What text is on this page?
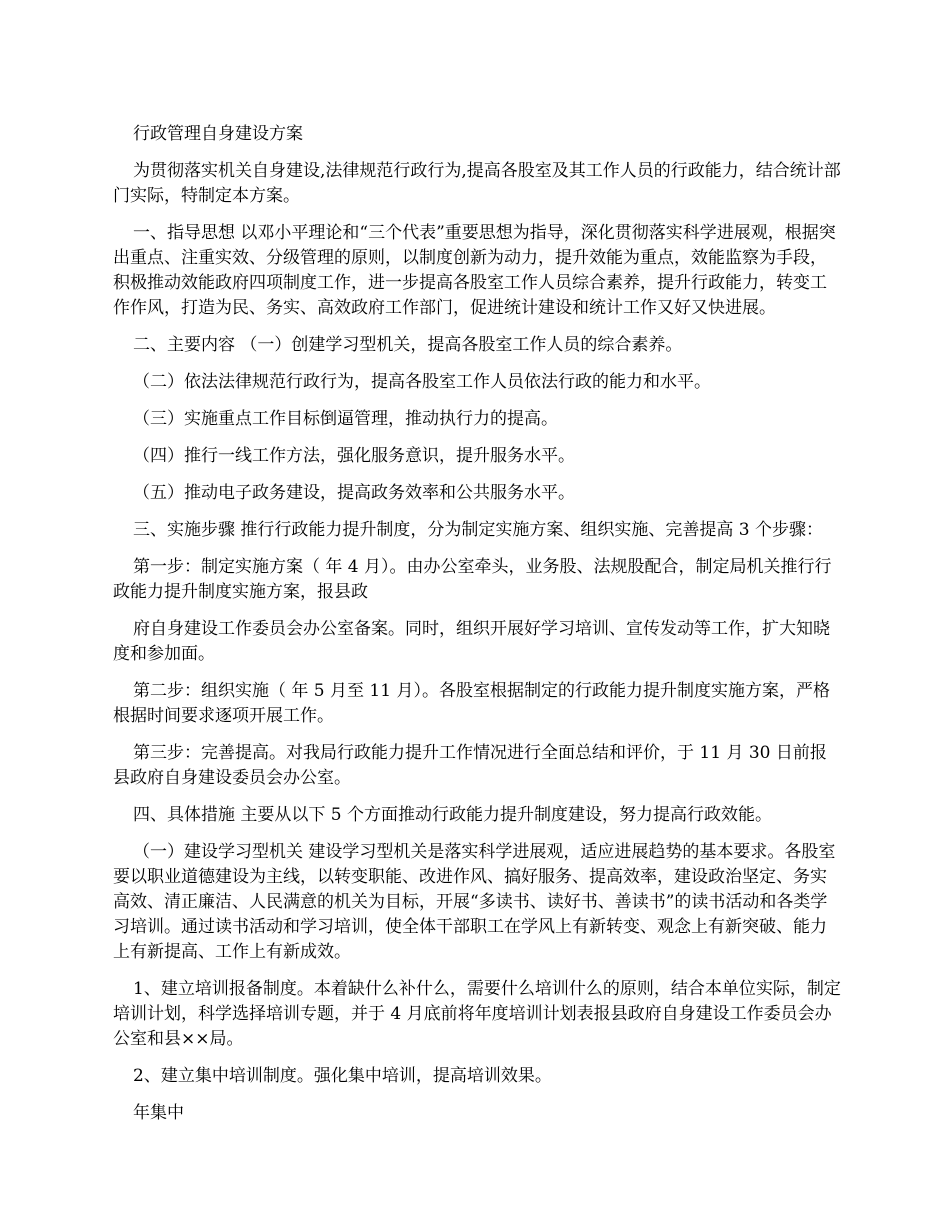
行政管理自身建设方案

为贯彻落实机关自身建设,法律规范行政行为,提高各股室及其工作人员的行政能力，结合统计部门实际，特制定本方案。

一、指导思想 以邓小平理论和“三个代表”重要思想为指导，深化贯彻落实科学进展观，根据突出重点、注重实效、分级管理的原则，以制度创新为动力，提升效能为重点，效能监察为手段，积极推动效能政府四项制度工作，进一步提高各股室工作人员综合素养，提升行政能力，转变工作作风，打造为民、务实、高效政府工作部门，促进统计建设和统计工作又好又快进展。

二、主要内容 （一）创建学习型机关，提高各股室工作人员的综合素养。

（二）依法法律规范行政行为，提高各股室工作人员依法行政的能力和水平。

（三）实施重点工作目标倒逼管理，推动执行力的提高。

（四）推行一线工作方法，强化服务意识，提升服务水平。

（五）推动电子政务建设，提高政务效率和公共服务水平。

三、实施步骤 推行行政能力提升制度，分为制定实施方案、组织实施、完善提高 3 个步骤：

第一步：制定实施方案（ 年 4 月）。由办公室牵头，业务股、法规股配合，制定局机关推行行政能力提升制度实施方案，报县政

府自身建设工作委员会办公室备案。同时，组织开展好学习培训、宣传发动等工作，扩大知晓度和参加面。

第二步：组织实施（ 年 5 月至 11 月）。各股室根据制定的行政能力提升制度实施方案，严格根据时间要求逐项开展工作。

第三步：完善提高。对我局行政能力提升工作情况进行全面总结和评价，于 11 月 30 日前报县政府自身建设委员会办公室。

四、具体措施 主要从以下 5 个方面推动行政能力提升制度建设，努力提高行政效能。

（一）建设学习型机关 建设学习型机关是落实科学进展观，适应进展趋势的基本要求。各股室要以职业道德建设为主线，以转变职能、改进作风、搞好服务、提高效率，建设政治坚定、务实高效、清正廉洁、人民满意的机关为目标，开展“多读书、读好书、善读书”的读书活动和各类学习培训。通过读书活动和学习培训，使全体干部职工在学风上有新转变、观念上有新突破、能力上有新提高、工作上有新成效。

1、建立培训报备制度。本着缺什么补什么，需要什么培训什么的原则，结合本单位实际，制定培训计划，科学选择培训专题，并于 4 月底前将年度培训计划表报县政府自身建设工作委员会办公室和县××局。

2、建立集中培训制度。强化集中培训，提高培训效果。

年集中
